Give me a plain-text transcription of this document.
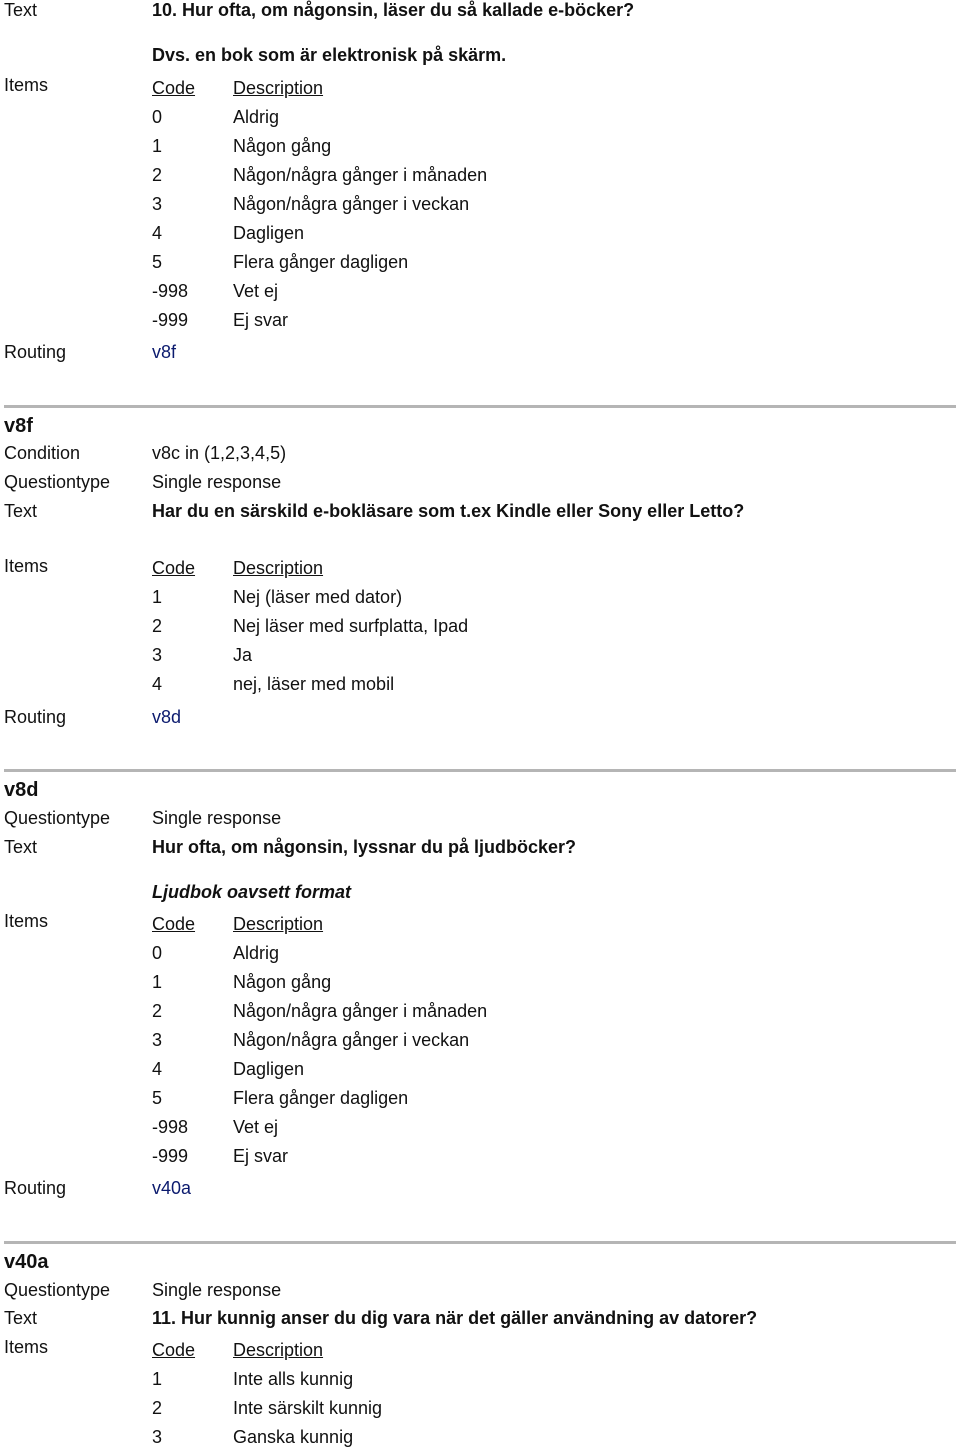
Text	10. Hur ofta, om någonsin, läser du så kallade e-böcker?
Dvs. en bok som är elektronisk på skärm.
Items	Code Description
0	Aldrig
1	Någon gång
2	Någon/några gånger i månaden
3	Någon/några gånger i veckan
4	Dagligen
5	Flera gånger dagligen
-998 Vet ej
-999 Ej svar
Routing	v8f
v8f
Condition	v8c in (1,2,3,4,5)
Questiontype Single response
Text	Har du en särskild e-bokläsare som t.ex Kindle eller Sony eller Letto?
Items	Code Description
1	Nej (läser med dator)
2	Nej läser med surfplatta, Ipad
3	Ja
4	nej, läser med mobil
Routing	v8d
v8d
Questiontype Single response
Text	Hur ofta, om någonsin, lyssnar du på ljudböcker?
Ljudbok oavsett format
Items	Code Description
0	Aldrig
1	Någon gång
2	Någon/några gånger i månaden
3	Någon/några gånger i veckan
4	Dagligen
5	Flera gånger dagligen
-998 Vet ej
-999 Ej svar
Routing	v40a
v40a
Questiontype Single response
Text	11. Hur kunnig anser du dig vara när det gäller användning av datorer?
Items	Code Description
1	Inte alls kunnig
2	Inte särskilt kunnig
3	Ganska kunnig
